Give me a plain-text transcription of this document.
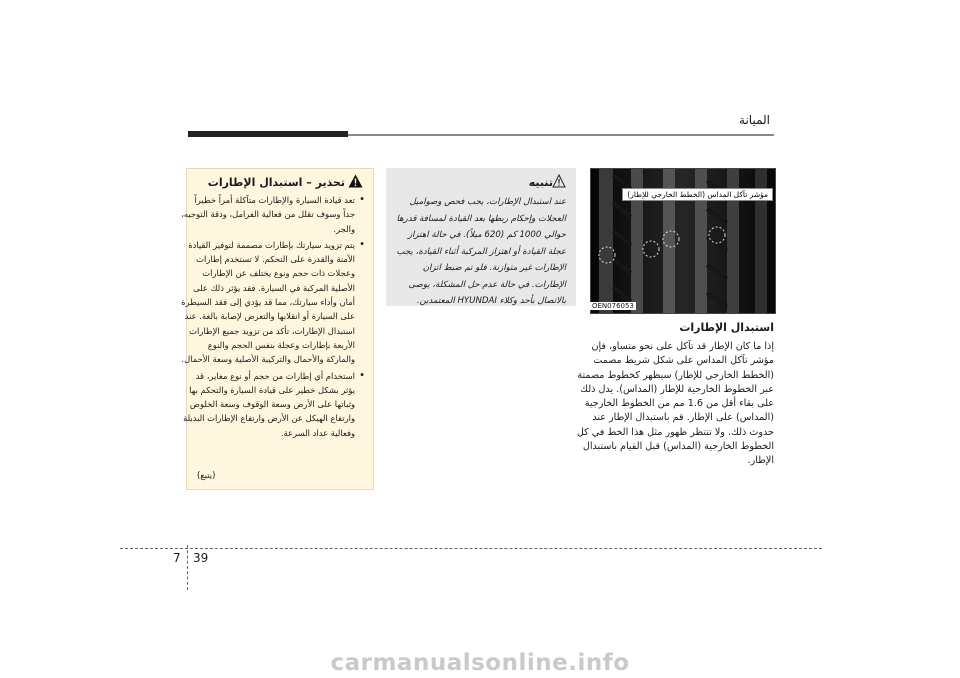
الميانة
مؤشر تآكل المداس (الخطط الخارجي للإطار)
OEN076053
تنبيه
عند استبدال الإطارات، يجب فحص وصواميل العجلات وإحكام ربطها بعد القيادة لمسافة قدرها حوالي 1000 كم (620 ميلاً). في حالة اهتزاز عجلة القيادة أو اهتزاز المركبة أثناء القيادة، يجب الإطارات غير متوازنة. فلو تم ضبط اتزان الإطارات. في حالة عدم حل المشكلة، يوصى بالاتصال بأحد وكلاء HYUNDAI المعتمدين.
استبدال الإطارات
إذا ما كان الإطار قد تآكل على نحو متساو، فإن مؤشر تآكل المداس على شكل شريط مصمت (الخطط الخارجي للإطار) سيظهر كخطوط مصمتة عبر الخطوط الخارجية للإطار (المداس). يدل ذلك على بقاء أقل من 1.6 مم من الخطوط الخارجية (المداس) على الإطار. قم باستبدال الإطار عند حدوث ذلك. ولا تنتظر ظهور مثل هذا الخط في كل الخطوط الخارجية (المداس) قبل القيام باستبدال الإطار.
تحذير – استبدال الإطارات
• تعد قيادة السيارة والإطارات متآكلة أمراً خطيراً جداً وسوف تقلل من فعالية الفرامل، ودقة التوجيه، والجر.
• يتم تزويد سيارتك بإطارات مصممة لتوفير القيادة الآمنة والقدرة على التحكم. لا تستخدم إطارات وعجلات ذات حجم ونوع يختلف عن الإطارات الأصلية المركبة في السيارة. فقد يؤثر ذلك على أمان وأداء سيارتك، مما قد يؤدي إلى فقد السيطرة على السيارة أو انقلابها والتعرض لإصابة بالغة. عند استبدال الإطارات، تأكد من تزويد جميع الإطارات الأربعة بإطارات وعجلة بنفس الحجم والنوع والماركة والأحمال والتركيبة الأصلية وسعة الأحمال.
• استخدام أي إطارات من حجم أو نوع مغاير، قد يؤثر بشكل خطير على قيادة السيارة والتحكم بها وثباتها على الأرض وسعة الوقوف وسعة الخلوص وارتفاع الهيكل عن الأرض وارتفاع الإطارات البديلة وفعالية عداد السرعة.
(يتبع)
7 39
carmanualsonline.info
